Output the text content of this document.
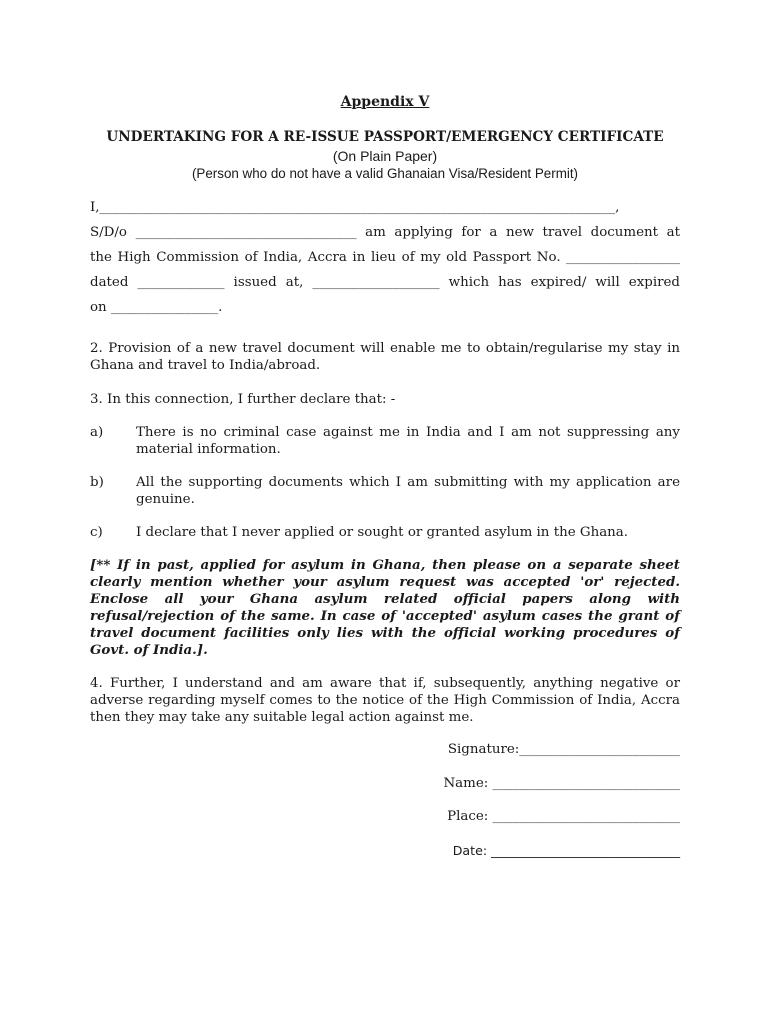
Appendix V
UNDERTAKING FOR A RE-ISSUE PASSPORT/EMERGENCY CERTIFICATE
(On Plain Paper)
(Person who do not have a valid Ghanaian Visa/Resident Permit)
I,_____________________________________________________________________________,
S/D/o _________________________________ am applying for a new travel document at
the High Commission of India, Accra in lieu of my old Passport No. _________________
dated _____________ issued at, ___________________ which has expired/ will expired
on ________________.
2. Provision of a new travel document will enable me to obtain/regularise my stay in Ghana and travel to India/abroad.
3. In this connection, I further declare that: -
a)	There is no criminal case against me in India and I am not suppressing any material information.
b)	All the supporting documents which I am submitting with my application are genuine.
c)	I declare that I never applied or sought or granted asylum in the Ghana.
[** If in past, applied for asylum in Ghana, then please on a separate sheet clearly mention whether your asylum request was accepted 'or' rejected. Enclose all your Ghana asylum related official papers along with refusal/rejection of the same. In case of 'accepted' asylum cases the grant of travel document facilities only lies with the official working procedures of Govt. of India.].
4. Further, I understand and am aware that if, subsequently, anything negative or adverse regarding myself comes to the notice of the High Commission of India, Accra then they may take any suitable legal action against me.
Signature:________________________
Name: ____________________________
Place: ____________________________
Date: ______________________________
